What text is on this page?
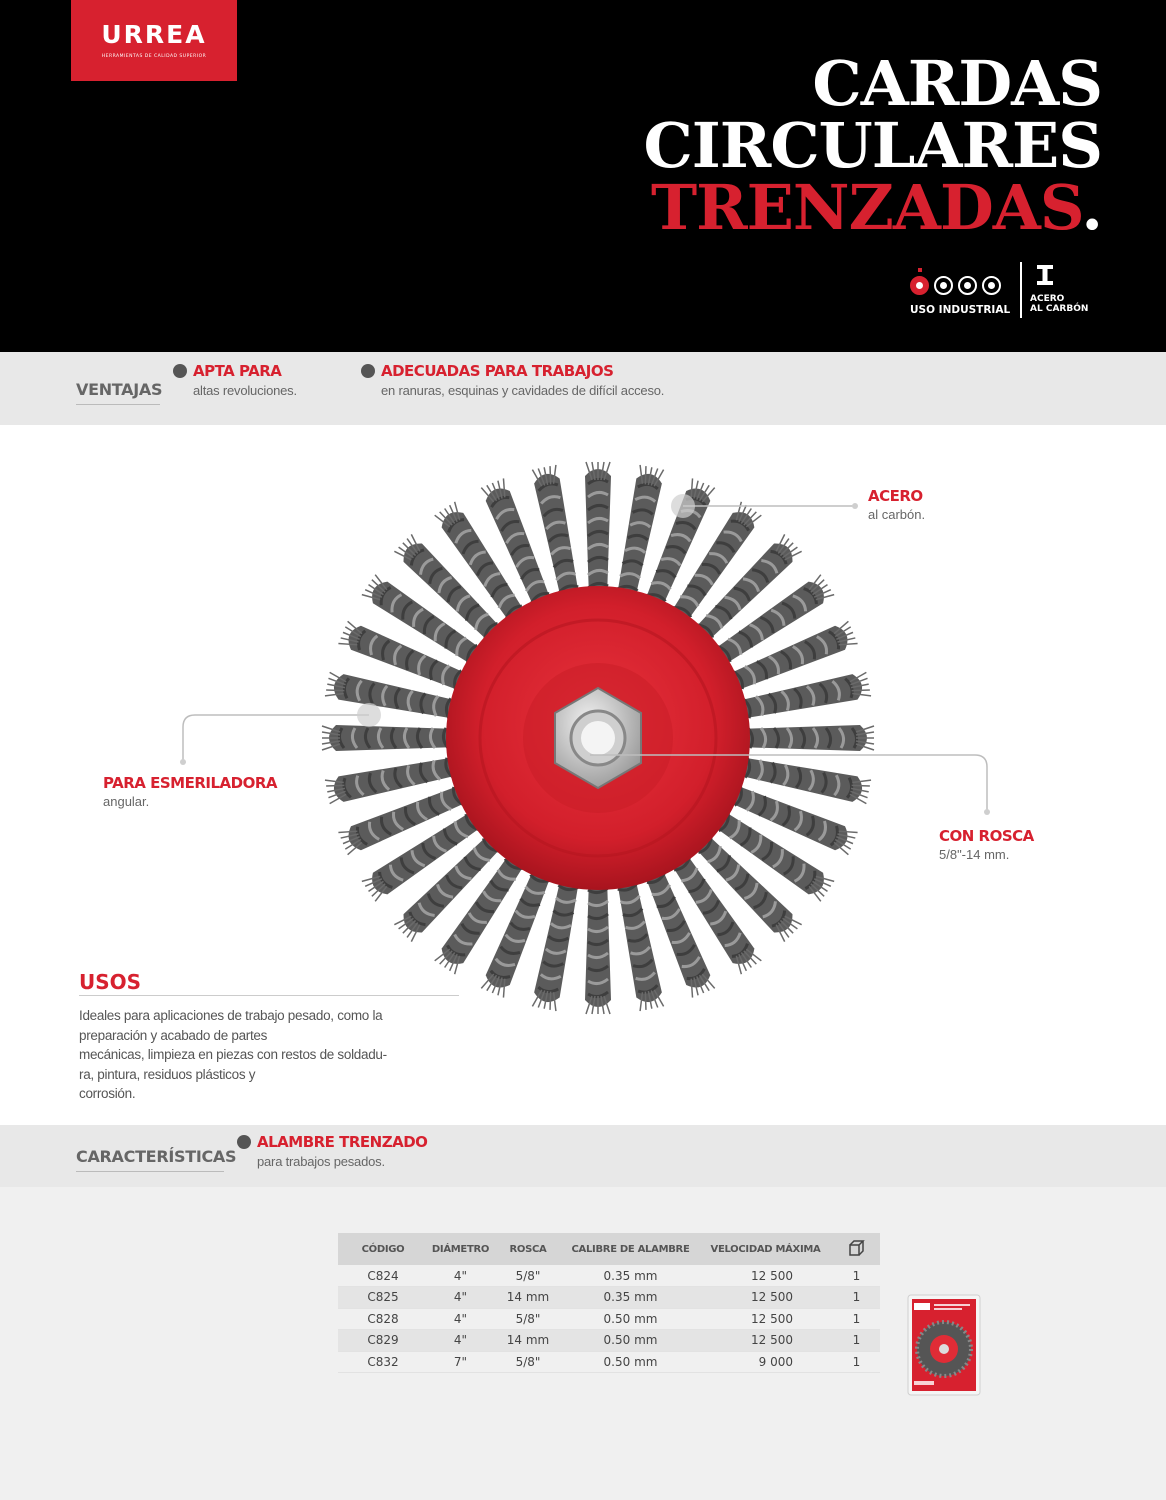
URREA
HERRAMIENTAS DE CALIDAD SUPERIOR	CARDAS
CIRCULARES
TRENZADAS.
USO INDUSTRIAL
ACERO
AL CARBÓN
VENTAJAS
APTA PARA
altas revoluciones.
ADECUADAS PARA TRABAJOS
en ranuras, esquinas y cavidades de difícil acceso.
ACERO
al carbón.
PARA ESMERILADORA
angular.
CON ROSCA
5/8"-14 mm.
USOS
Ideales para aplicaciones de trabajo pesado, como la
preparación y acabado de partes
mecánicas, limpieza en piezas con restos de soldadu-
ra, pintura, residuos plásticos y
corrosión.
CARACTERÍSTICAS
ALAMBRE TRENZADO
para trabajos pesados.
CÓDIGO	DIÁMETRO	ROSCA	CALIBRE DE ALAMBRE	VELOCIDAD MÁXIMA	
C824	4"	5/8"	0.35 mm	12 500	1
C825	4"	14 mm	0.35 mm	12 500	1
C828	4"	5/8"	0.50 mm	12 500	1
C829	4"	14 mm	0.50 mm	12 500	1
C832	7"	5/8"	0.50 mm	9 000	1
